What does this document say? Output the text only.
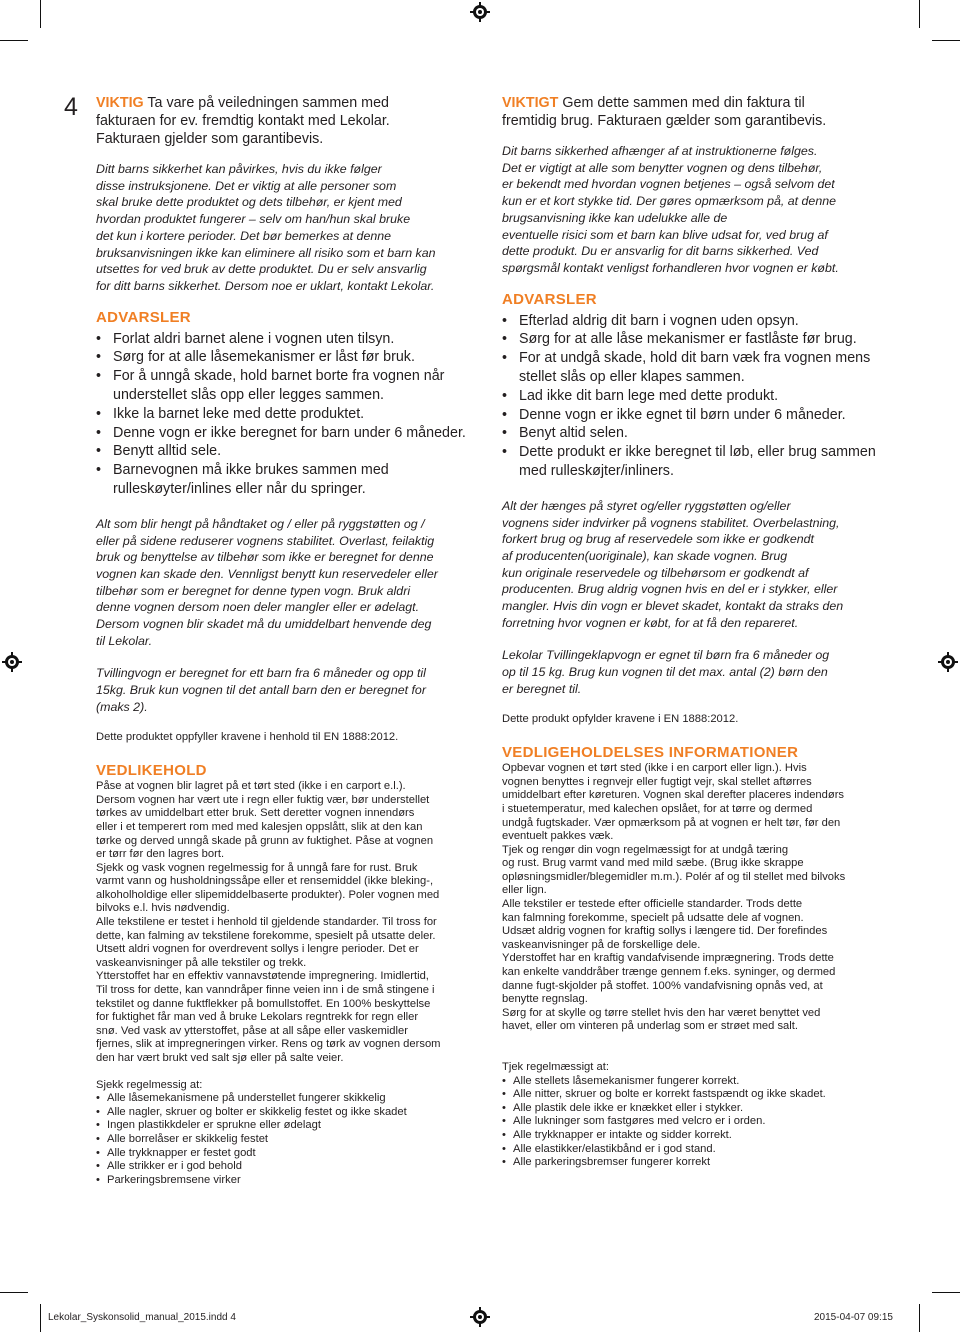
4 VIKTIG Ta vare på veiledningen sammen med
fakturaen for ev. fremdtig kontakt med Lekolar.
Fakturaen gjelder som garantibevis.

Ditt barns sikkerhet kan påvirkes, hvis du ikke følger
disse instruksjonene. Det er viktig at alle personer som
skal bruke dette produktet og dets tilbehør, er kjent med
hvordan produktet fungerer – selv om han/hun skal bruke
det kun i kortere perioder. Det bør bemerkes at denne
bruksanvisningen ikke kan eliminere all risiko som et barn kan
utsettes for ved bruk av dette produktet. Du er selv ansvarlig
for ditt barns sikkerhet. Dersom noe er uklart, kontakt Lekolar.

ADVARSLER

• Forlat aldri barnet alene i vognen uten tilsyn.
• Sørg for at alle låsemekanismer er låst før bruk.
• For å unngå skade, hold barnet borte fra vognen når understellet slås opp eller legges sammen.
• Ikke la barnet leke med dette produktet.
• Denne vogn er ikke beregnet for barn under 6 måneder.
• Benytt alltid sele.
• Barnevognen må ikke brukes sammen med rulleskøyter/inlines eller når du springer.

Alt som blir hengt på håndtaket og / eller på ryggstøtten og /
eller på sidene reduserer vognens stabilitet. Overlast, feilaktig
bruk og benyttelse av tilbehør som ikke er beregnet for denne
vognen kan skade den. Vennligst benytt kun reservedeler eller
tilbehør som er beregnet for denne typen vogn. Bruk aldri
denne vognen dersom noen deler mangler eller er ødelagt.
Dersom vognen blir skadet må du umiddelbart henvende deg
til Lekolar.

Tvillingvogn er beregnet for ett barn fra 6 måneder og opp til
15kg. Bruk kun vognen til det antall barn den er beregnet for
(maks 2).

Dette produktet oppfyller kravene i henhold til EN 1888:2012.

VEDLIKEHOLD

Påse at vognen blir lagret på et tørt sted (ikke i en carport e.l.).
Dersom vognen har vært ute i regn eller fuktig vær, bør understellet
tørkes av umiddelbart etter bruk. Sett deretter vognen innendørs
eller i et temperert rom med med kalesjen oppslått, slik at den kan
tørke og derved unngå skade på grunn av fuktighet. Påse at vognen
er tørr før den lagres bort.
Sjekk og vask vognen regelmessig for å unngå fare for rust. Bruk
varmt vann og husholdningssåpe eller et rensemiddel (ikke bleking-,
alkoholholdige eller slipemiddelbaserte produkter). Poler vognen med
bilvoks e.l. hvis nødvendig.
Alle tekstilene er testet i henhold til gjeldende standarder. Til tross for
dette, kan falming av tekstilene forekomme, spesielt på utsatte deler.
Utsett aldri vognen for overdrevent sollys i lengre perioder. Det er
vaskeanvisninger på alle tekstiler og trekk.
Ytterstoffet har en effektiv vannavstøtende impregnering. Imidlertid,
Til tross for dette, kan vanndråper finne veien inn i de små stingene i
tekstilet og danne fuktflekker på bomullstoffet. En 100% beskyttelse
for fuktighet får man ved å bruke Lekolars regntrekk for regn eller
snø. Ved vask av ytterstoffet, påse at all såpe eller vaskemidler
fjernes, slik at impregneringen virker. Rens og tørk av vognen dersom
den har vært brukt ved salt sjø eller på salte veier.

Sjekk regelmessig at:

• Alle låsemekanismene på understellet fungerer skikkelig
• Alle nagler, skruer og bolter er skikkelig festet og ikke skadet
• Ingen plastikkdeler er sprukne eller ødelagt
• Alle borrelåser er skikkelig festet
• Alle trykknapper er festet godt
• Alle strikker er i god behold
• Parkeringsbremsene virker

VIKTIGT Gem dette sammen med din faktura til
fremtidig brug. Fakturaen gælder som garantibevis.

Dit barns sikkerhed afhænger af at instruktionerne følges.
Det er vigtigt at alle som benytter vognen og dens tilbehør,
er bekendt med hvordan vognen betjenes – også selvom det
kun er et kort stykke tid. Der gøres opmærksom på, at denne
brugsanvisning ikke kan udelukke alle de
eventuelle risici som et barn kan blive udsat for, ved brug af
dette produkt. Du er ansvarlig for dit barns sikkerhed. Ved
spørgsmål kontakt venligst forhandleren hvor vognen er købt.

ADVARSLER

• Efterlad aldrig dit barn i vognen uden opsyn.
• Sørg for at alle låse mekanismer er fastlåste før brug.
• For at undgå skade, hold dit barn væk fra vognen mens stellet slås op eller klapes sammen.
• Lad ikke dit barn lege med dette produkt.
• Denne vogn er ikke egnet til børn under 6 måneder.
• Benyt altid selen.
• Dette produkt er ikke beregnet til løb, eller brug sammen med rulleskøjter/inliners.

Alt der hænges på styret og/eller ryggstøtten og/eller
vognens sider indvirker på vognens stabilitet. Overbelastning,
forkert brug og brug af reservedele som ikke er godkendt
af producenten(uoriginale), kan skade vognen. Brug
kun originale reservedele og tilbehørsom er godkendt af
producenten. Brug aldrig vognen hvis en del er i stykker, eller
mangler. Hvis din vogn er blevet skadet, kontakt da straks den
forretning hvor vognen er købt, for at få den repareret.

Lekolar Tvillingeklapvogn er egnet til børn fra 6 måneder og
op til 15 kg. Brug kun vognen til det max. antal (2) børn den
er beregnet til.

Dette produkt opfylder kravene i EN 1888:2012.

VEDLIGEHOLDELSES INFORMATIONER

Opbevar vognen et tørt sted (ikke i en carport eller lign.). Hvis
vognen benyttes i regnvejr eller fugtigt vejr, skal stellet aftørres
umiddelbart efter køreturen. Vognen skal derefter placeres indendørs
i stuetemperatur, med kalechen opslået, for at tørre og dermed
undgå fugtskader. Vær opmærksom på at vognen er helt tør, før den
eventuelt pakkes væk.
Tjek og rengør din vogn regelmæssigt for at undgå tæring
og rust. Brug varmt vand med mild sæbe. (Brug ikke skrappe
opløsningsmidler/blegemidler m.m.). Polér af og til stellet med bilvoks
eller lign.
Alle tekstiler er testede efter officielle standarder. Trods dette
kan falmning forekomme, specielt på udsatte dele af vognen.
Udsæt aldrig vognen for kraftig sollys i længere tid. Der forefindes
vaskeanvisninger på de forskellige dele.
Yderstoffet har en kraftig vandafvisende imprægnering. Trods dette
kan enkelte vanddråber trænge gennem f.eks. syninger, og dermed
danne fugt-skjolder på stoffet. 100% vandafvisning opnås ved, at
benytte regnslag.
Sørg for at skylle og tørre stellet hvis den har været benyttet ved
havet, eller om vinteren på underlag som er strøet med salt.

Tjek regelmæssigt at:

• Alle stellets låsemekanismer fungerer korrekt.
• Alle nitter, skruer og bolte er korrekt fastspændt og ikke skadet.
• Alle plastik dele ikke er knækket eller i stykker.
• Alle lukninger som fastgøres med velcro er i orden.
• Alle trykknapper er intakte og sidder korrekt.
• Alle elastikker/elastikbånd er i god stand.
• Alle parkeringsbremser fungerer korrekt
Lekolar_Syskonsolid_manual_2015.indd 4	2015-04-07 09:15
